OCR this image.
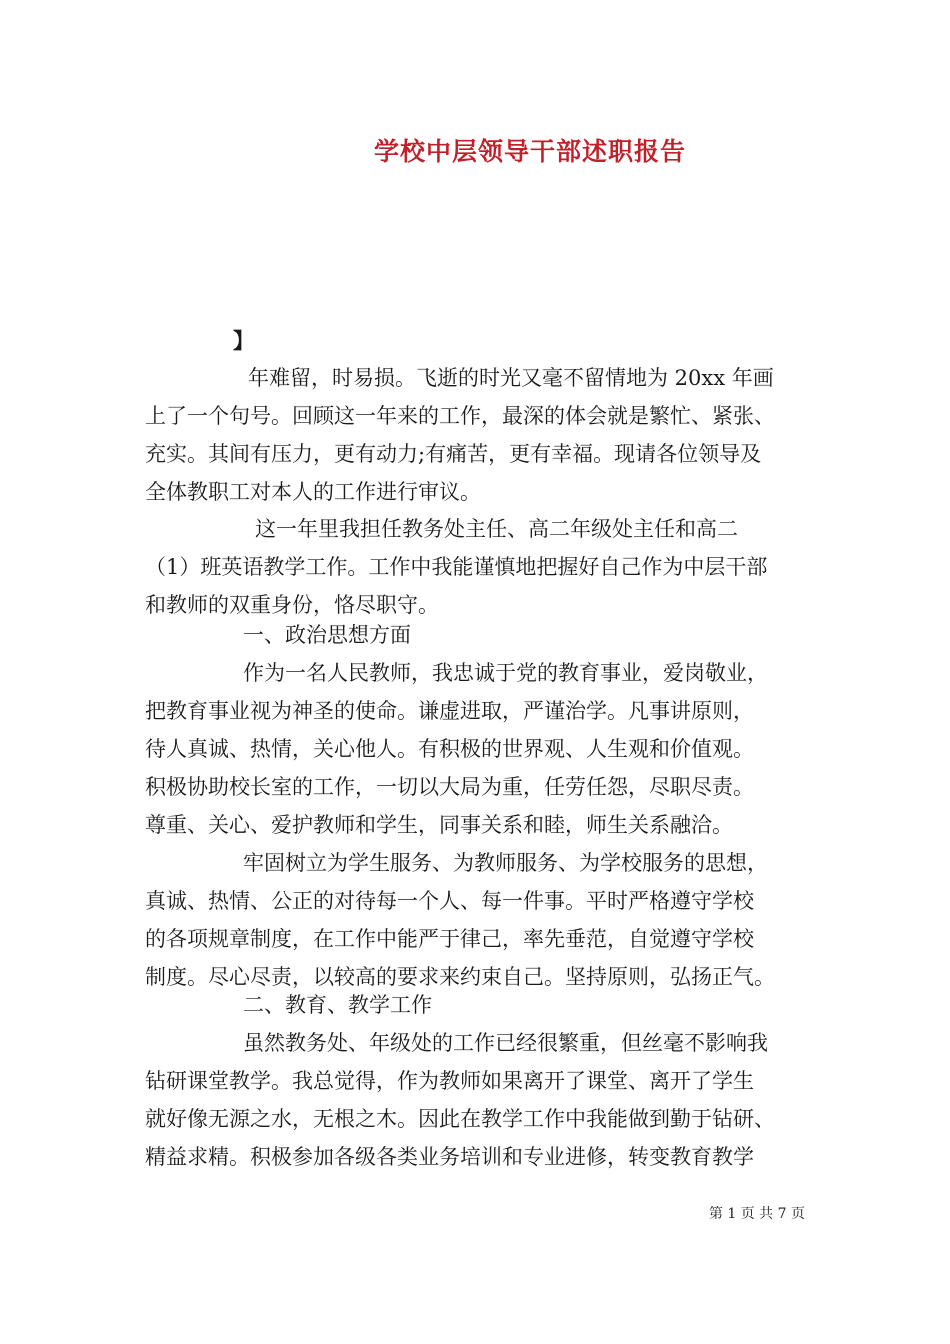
学校中层领导干部述职报告
】
年难留，时易损。飞逝的时光又毫不留情地为 20xx 年画
上了一个句号。回顾这一年来的工作，最深的体会就是繁忙、紧张、
充实。其间有压力，更有动力;有痛苦，更有幸福。现请各位领导及
全体教职工对本人的工作进行审议。
这一年里我担任教务处主任、高二年级处主任和高二
（1）班英语教学工作。工作中我能谨慎地把握好自己作为中层干部
和教师的双重身份，恪尽职守。
一、政治思想方面
作为一名人民教师，我忠诚于党的教育事业，爱岗敬业，
把教育事业视为神圣的使命。谦虚进取，严谨治学。凡事讲原则，
待人真诚、热情，关心他人。有积极的世界观、人生观和价值观。
积极协助校长室的工作，一切以大局为重，任劳任怨，尽职尽责。
尊重、关心、爱护教师和学生，同事关系和睦，师生关系融洽。
牢固树立为学生服务、为教师服务、为学校服务的思想，
真诚、热情、公正的对待每一个人、每一件事。平时严格遵守学校
的各项规章制度，在工作中能严于律己，率先垂范，自觉遵守学校
制度。尽心尽责，以较高的要求来约束自己。坚持原则，弘扬正气。
二、教育、教学工作
虽然教务处、年级处的工作已经很繁重，但丝毫不影响我
钻研课堂教学。我总觉得，作为教师如果离开了课堂、离开了学生
就好像无源之水，无根之木。因此在教学工作中我能做到勤于钻研、
精益求精。积极参加各级各类业务培训和专业进修，转变教育教学
第 1 页 共 7 页
